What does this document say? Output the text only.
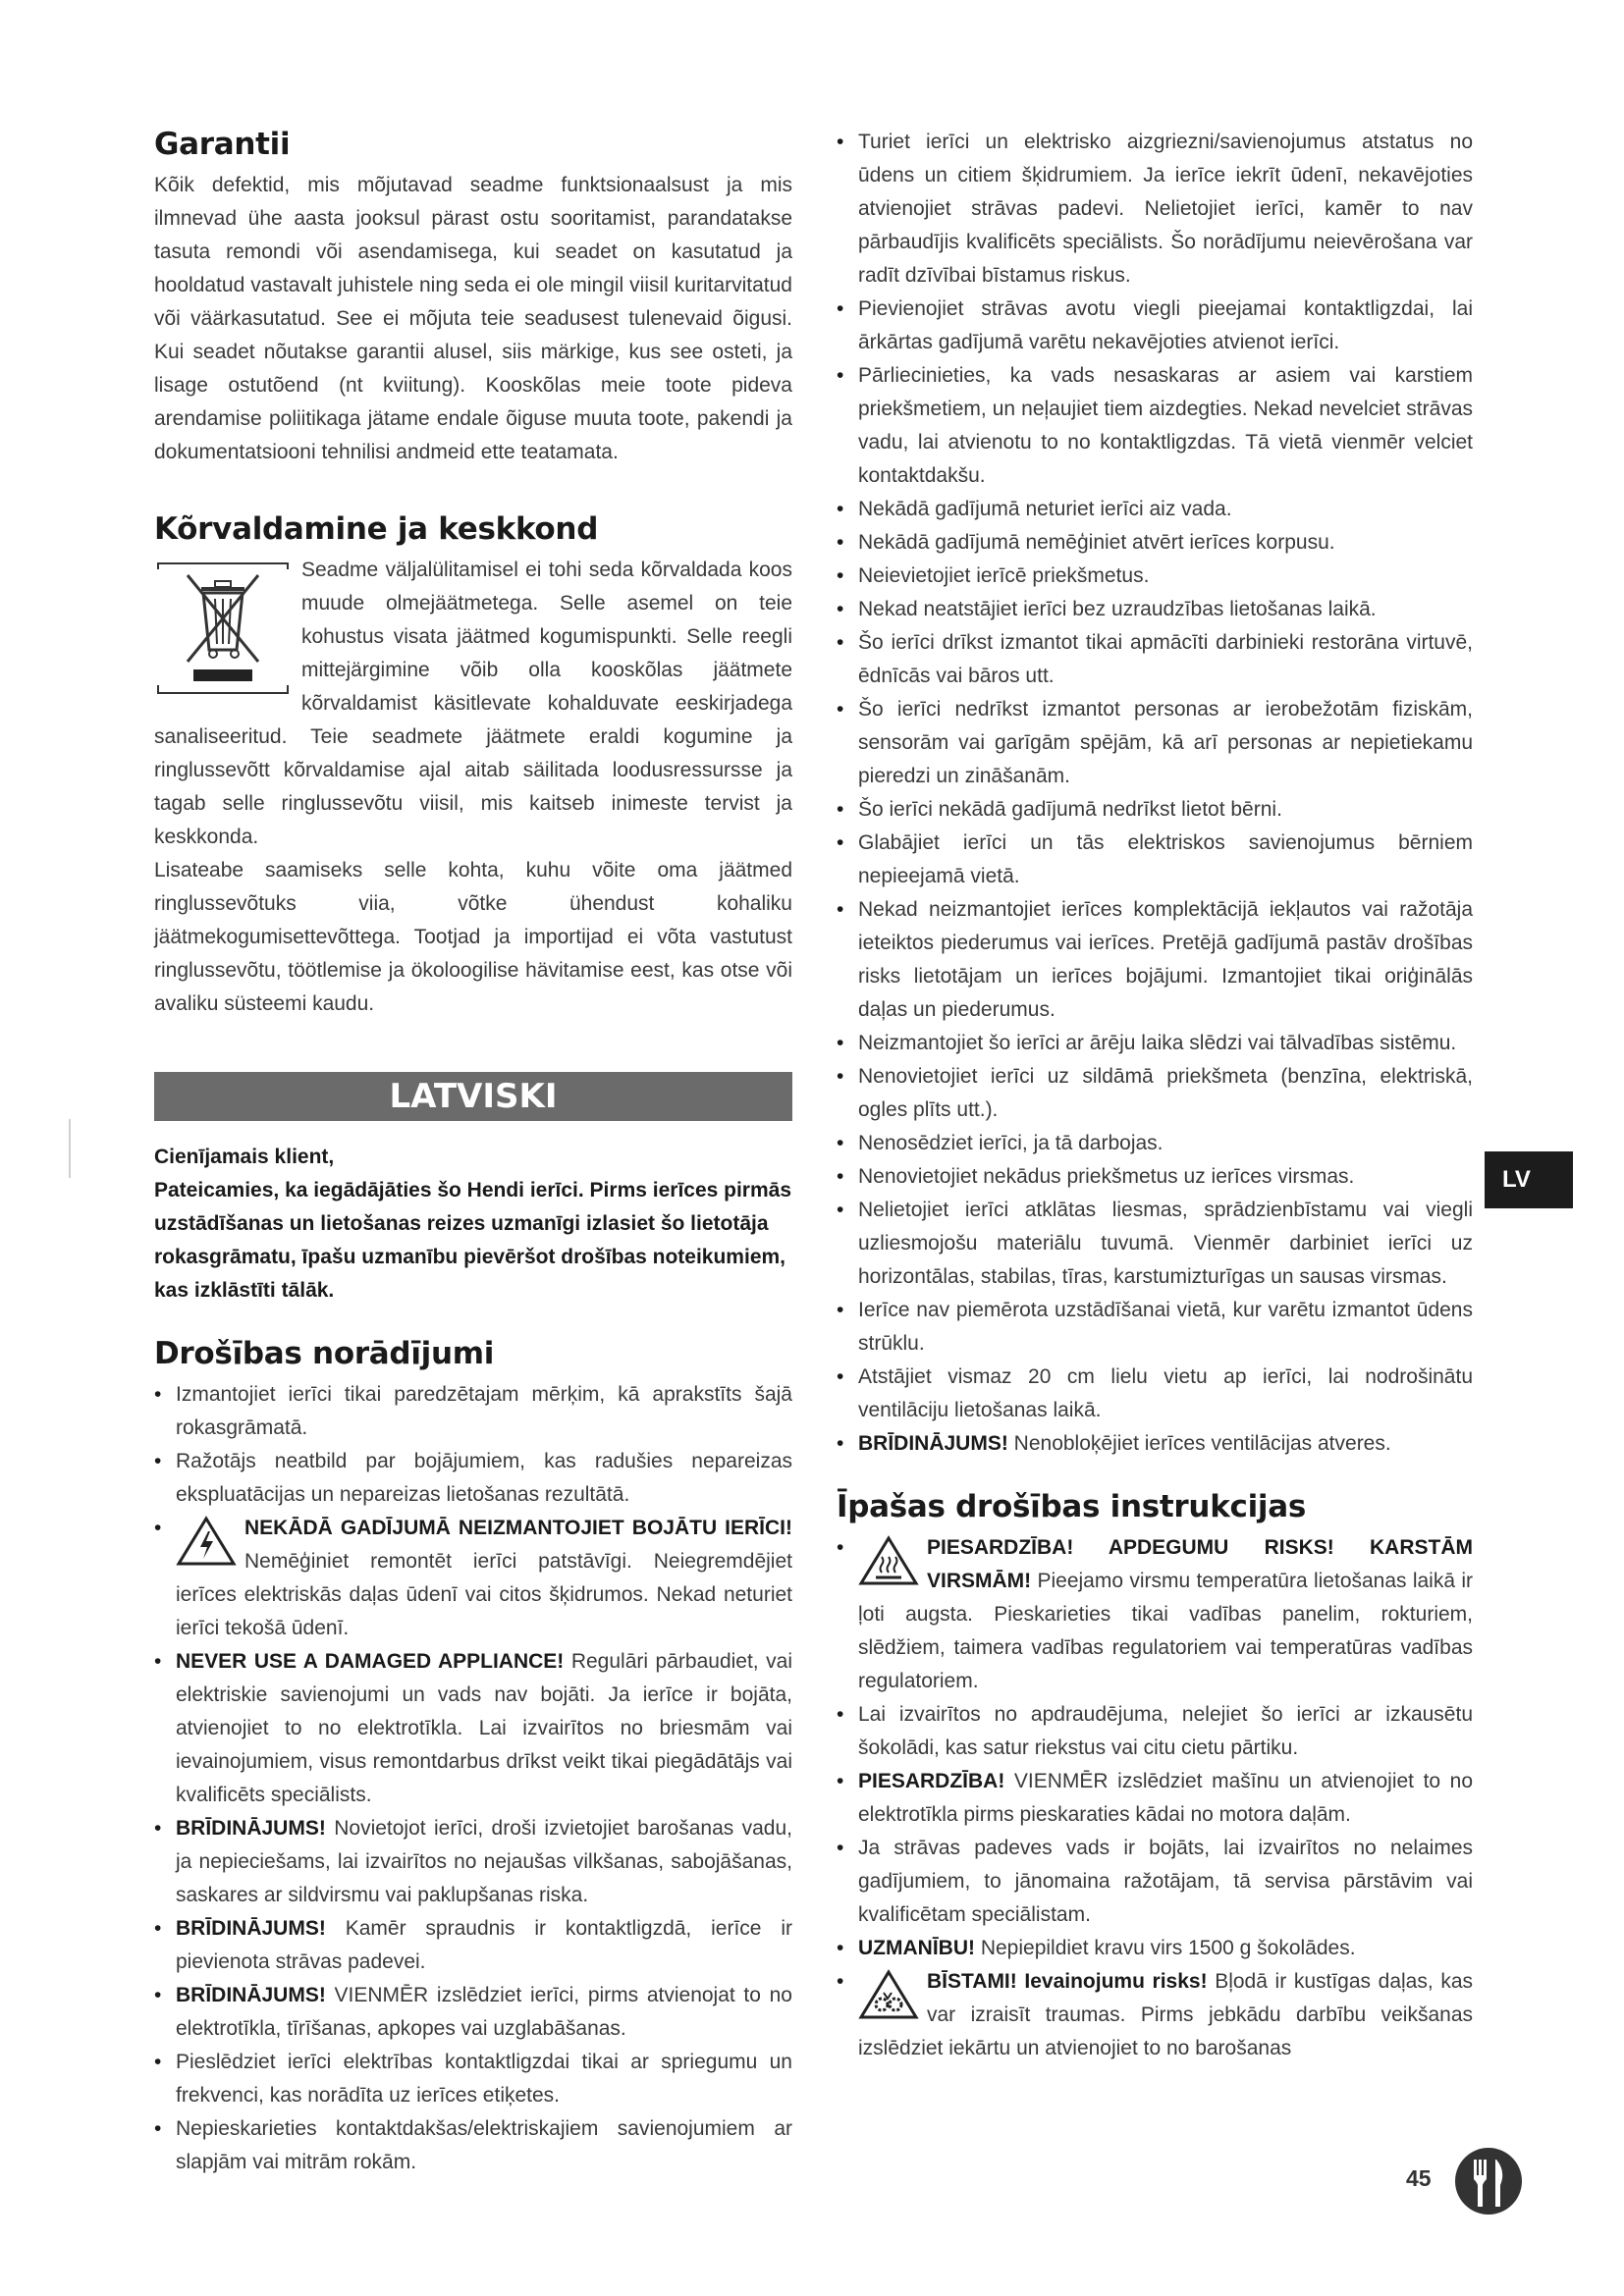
Garantii

Kõik defektid, mis mõjutavad seadme funktsionaalsust ja mis ilmnevad ühe aasta jooksul pärast ostu sooritamist, parandatakse tasuta remondi või asendamisega, kui seadet on kasutatud ja hooldatud vastavalt juhistele ning seda ei ole mingil viisil kuritarvitatud või väärkasutatud. See ei mõjuta teie seadusest tulenevaid õigusi. Kui seadet nõutakse garantii alusel, siis märkige, kus see osteti, ja lisage ostutõend (nt kviitung). Kooskõlas meie toote pideva arendamise poliitikaga jätame endale õiguse muuta toote, pakendi ja dokumentatsiooni tehnilisi andmeid ette teatamata.

Kõrvaldamine ja keskkond

Seadme väljalülitamisel ei tohi seda kõrvaldada koos muude olmejäätmetega. Selle asemel on teie kohustus visata jäätmed kogumispunkti. Selle reegli mittejärgimine võib olla kooskõlas jäätmete kõrvaldamist käsitlevate kohalduvate eeskirjadega sanaliseeritud. Teie seadmete jäätmete eraldi kogumine ja ringlussevõtt kõrvaldamise ajal aitab säilitada loodusressursse ja tagab selle ringlussevõtu viisil, mis kaitseb inimeste tervist ja keskkonda.

Lisateabe saamiseks selle kohta, kuhu võite oma jäätmed ringlussevõtuks viia, võtke ühendust kohaliku jäätmekogumisettevõttega. Tootjad ja importijad ei võta vastutust ringlussevõtu, töötlemise ja ökoloogilise hävitamise eest, kas otse või avaliku süsteemi kaudu.

LATVISKI

Cienījamais klient,

Pateicamies, ka iegādājāties šo Hendi ierīci. Pirms ierīces pirmās uzstādīšanas un lietošanas reizes uzmanīgi izlasiet šo lietotāja rokasgrāmatu, īpašu uzmanību pievēršot drošības noteikumiem, kas izklāstīti tālāk.

Drošības norādījumi
• Izmantojiet ierīci tikai paredzētajam mērķim, kā aprakstīts šajā rokasgrāmatā.
• Ražotājs neatbild par bojājumiem, kas radušies nepareizas ekspluatācijas un nepareizas lietošanas rezultātā.
• NEKĀDĀ GADĪJUMĀ NEIZMANTOJIET BOJĀTU IERĪCI! Nemēģiniet remontēt ierīci patstāvīgi. Neiegremdējiet ierīces elektriskās daļas ūdenī vai citos šķidrumos. Nekad neturiet ierīci tekošā ūdenī.
• NEVER USE A DAMAGED APPLIANCE! Regulāri pārbaudiet, vai elektriskie savienojumi un vads nav bojāti. Ja ierīce ir bojāta, atvienojiet to no elektrotīkla. Lai izvairītos no briesmām vai ievainojumiem, visus remontdarbus drīkst veikt tikai piegādātājs vai kvalificēts speciālists.
• BRĪDINĀJUMS! Novietojot ierīci, droši izvietojiet barošanas vadu, ja nepieciešams, lai izvairītos no nejaušas vilkšanas, sabojāšanas, saskares ar sildvirsmu vai paklupšanas riska.
• BRĪDINĀJUMS! Kamēr spraudnis ir kontaktligzdā, ierīce ir pievienota strāvas padevei.
• BRĪDINĀJUMS! VIENMĒR izslēdziet ierīci, pirms atvienojat to no elektrotīkla, tīrīšanas, apkopes vai uzglabāšanas.
• Pieslēdziet ierīci elektrības kontaktligzdai tikai ar spriegumu un frekvenci, kas norādīta uz ierīces etiķetes.
• Nepieskarieties kontaktdakšas/elektriskajiem savienojumiem ar slapjām vai mitrām rokām.
• Turiet ierīci un elektrisko aizgriezni/savienojumus atstatus no ūdens un citiem šķidrumiem. Ja ierīce iekrīt ūdenī, nekavējoties atvienojiet strāvas padevi. Nelietojiet ierīci, kamēr to nav pārbaudījis kvalificēts speciālists. Šo norādījumu neievērošana var radīt dzīvībai bīstamus riskus.
• Pievienojiet strāvas avotu viegli pieejamai kontaktligzdai, lai ārkārtas gadījumā varētu nekavējoties atvienot ierīci.
• Pārliecinieties, ka vads nesaskaras ar asiem vai karstiem priekšmetiem, un neļaujiet tiem aizdegties. Nekad nevelciet strāvas vadu, lai atvienotu to no kontaktligzdas. Tā vietā vienmēr velciet kontaktdakšu.
• Nekādā gadījumā neturiet ierīci aiz vada.
• Nekādā gadījumā nemēģiniet atvērt ierīces korpusu.
• Neievietojiet ierīcē priekšmetus.
• Nekad neatstājiet ierīci bez uzraudzības lietošanas laikā.
• Šo ierīci drīkst izmantot tikai apmācīti darbinieki restorāna virtuvē, ēdnīcās vai bāros utt.
• Šo ierīci nedrīkst izmantot personas ar ierobežotām fiziskām, sensorām vai garīgām spējām, kā arī personas ar nepietiekamu pieredzi un zināšanām.
• Šo ierīci nekādā gadījumā nedrīkst lietot bērni.
• Glabājiet ierīci un tās elektriskos savienojumus bērniem nepieejamā vietā.
• Nekad neizmantojiet ierīces komplektācijā iekļautos vai ražotāja ieteiktos piederumus vai ierīces. Pretējā gadījumā pastāv drošības risks lietotājam un ierīces bojājumi. Izmantojiet tikai oriģinālās daļas un piederumus.
• Neizmantojiet šo ierīci ar ārēju laika slēdzi vai tālvadības sistēmu.
• Nenovietojiet ierīci uz sildāmā priekšmeta (benzīna, elektriskā, ogles plīts utt.).
• Nenosēdziet ierīci, ja tā darbojas.
• Nenovietojiet nekādus priekšmetus uz ierīces virsmas.
• Nelietojiet ierīci atklātas liesmas, sprādzienbīstamu vai viegli uzliesmojošu materiālu tuvumā. Vienmēr darbiniet ierīci uz horizontālas, stabilas, tīras, karstumizturīgas un sausas virsmas.
• Ierīce nav piemērota uzstādīšanai vietā, kur varētu izmantot ūdens strūklu.
• Atstājiet vismaz 20 cm lielu vietu ap ierīci, lai nodrošinātu ventilāciju lietošanas laikā.
• BRĪDINĀJUMS! Nenobloķējiet ierīces ventilācijas atveres.
Īpašas drošības instrukcijas
• PIESARDZĪBA! APDEGUMU RISKS! KARSTĀM VIRSMĀM! Pieejamo virsmu temperatūra lietošanas laikā ir ļoti augsta. Pieskarieties tikai vadības panelim, rokturiem, slēdžiem, taimera vadības regulatoriem vai temperatūras vadības regulatoriem.
• Lai izvairītos no apdraudējuma, nelejiet šo ierīci ar izkausētu šokolādi, kas satur riekstus vai citu cietu pārtiku.
• PIESARDZĪBA! VIENMĒR izslēdziet mašīnu un atvienojiet to no elektrotīkla pirms pieskaraties kādai no motora daļām.
• Ja strāvas padeves vads ir bojāts, lai izvairītos no nelaimes gadījumiem, to jānomaina ražotājam, tā servisa pārstāvim vai kvalificētam speciālistam.
• UZMANĪBU! Nepiepildiet kravu virs 1500 g šokolādes.
• BĪSTAMI! Ievainojumu risks! Bļodā ir kustīgas daļas, kas var izraisīt traumas. Pirms jebkādu darbību veikšanas izslēdziet iekārtu un atvienojiet to no barošanas
LV
45
